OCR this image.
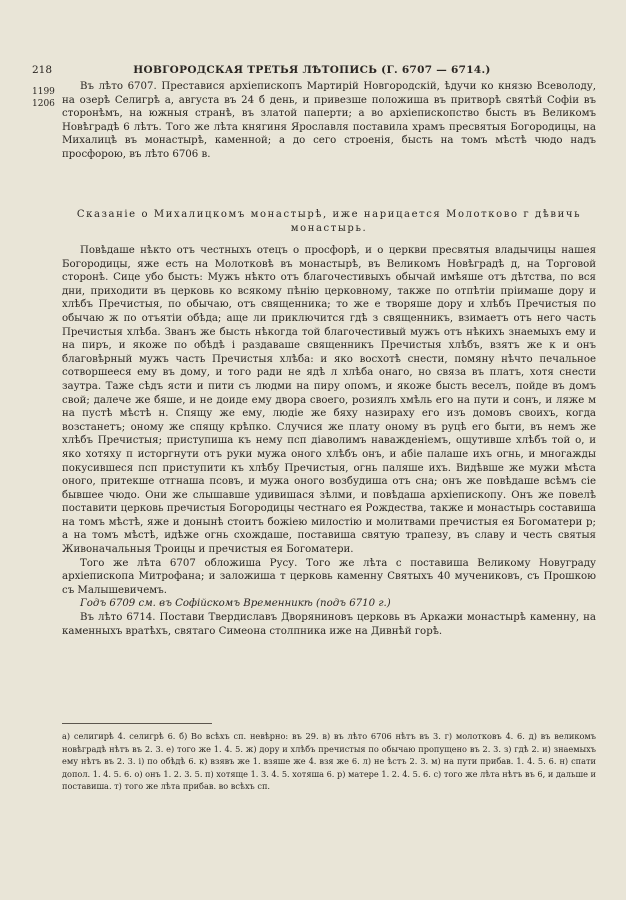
218	НОВГОРОДСКАЯ ТРЕТЬЯ ЛѢТОПИСЬ (Г. 6707 — 6714.)
1199
1206

Въ лѣто 6707. Преставися архіепископъ Мартирій Новгородскій, ѣдучи ко князю Всеволоду, на озерѣ Селигрѣ а, августа въ 24 б день, и привезше положиша въ притворѣ святѣй Софіи въ сторонѣмъ, на южныя странѣ, въ златой паперти; а во архіепископство бысть въ Великомъ Новѣградѣ 6 лѣтъ. Того же лѣта княгиня Ярославля поставила храмъ пресвятыя Богородицы, на Михалицѣ въ монастырѣ, каменной; а до сего строенія, бысть на томъ мѣстѣ чюдо надъ просфорою, въ лѣто 6706 в.

Сказаніе о Михалицкомъ монастырѣ, иже нарицается Молотково г дѣвичь монастырь.

Повѣдаше нѣкто отъ честныхъ отецъ о просфорѣ, и о церкви пресвятыя владычицы нашея Богородицы, яже есть на Молотковѣ въ монастырѣ, въ Великомъ Новѣградѣ д, на Торговой сторонѣ. Сице убо бысть: Мужъ нѣкто отъ благочестивыхъ обычай имѣяше отъ дѣтства, по вся дни, приходити въ церковь ко всякому пѣнію церковному, также по отпѣтіи пріимаше дору и хлѣбъ Пречистыя, по обычаю, отъ священника; то же е творяше дору и хлѣбъ Пречистыя по обычаю ж по отъятіи обѣда; аще ли приключится гдѣ з священникъ, взимаетъ отъ него часть Пречистыя хлѣба. Званъ же бысть нѣкогда той благочестивый мужъ отъ нѣкихъ знаемыхъ ему и на пиръ, и якоже по обѣдѣ і раздаваше священникъ Пречистыя хлѣбъ, взятъ же к и онъ благовѣрный мужъ часть Пречистыя хлѣба: и яко восхотѣ снести, помяну нѣчто печальное сотворшееся ему въ дому, и того ради не ядѣ л хлѣба онаго, но связа въ платъ, хотя снести заутра. Таже сѣдъ ясти и пити съ людми на пиру опомъ, и якоже бысть веселъ, пойде въ домъ свой; далече же бяше, и не доиде ему двора своего, розиялъ хмѣль его на пути и сонъ, и ляже м на пустѣ мѣстѣ н. Спящу же ему, людіе же бяху назираху его изъ домовъ своихъ, когда возстанетъ; оному же спящу крѣпко. Случися же плату оному въ руцѣ его быти, въ немъ же хлѣбъ Пречистыя; приступиша къ нему псп діаволимъ наважденіемъ, ощутивше хлѣбъ той о, и яко хотяху п исторгнути отъ руки мужа оного хлѣбъ онъ, и абіе палаше ихъ огнь, и многажды покусившеся псп приступити къ хлѣбу Пречистыя, огнь паляше ихъ. Видѣвше же мужи мѣста оного, притекше отгнаша псовъ, и мужа оного возбудиша отъ сна; онъ же повѣдаше всѣмъ сіе бывшее чюдо. Они же слышавше удивишася зѣлми, и повѣдаша архіепископу. Онъ же повелѣ поставити церковь пречистыя Богородицы честнаго ея Рождества, также и монастырь составиша на томъ мѣстѣ, яже и донынѣ стоитъ божіею милостію и молитвами пречистыя ея Богоматери р; а на томъ мѣстѣ, идѣже огнь схождаше, поставиша святую трапезу, въ славу и честь святыя Живоначальныя Троицы и пречистыя ея Богоматери.

Того же лѣта 6707 обложиша Русу. Того же лѣта с поставиша Великому Новуграду архіепископа Митрофана; и заложиша т церковь каменну Святыхъ 40 мучениковъ, съ Прошкою съ Малышевичемъ.

Годъ 6709 см. въ Софійскомъ Временникѣ (подъ 6710 г.)

Въ лѣто 6714. Постави Твердиславъ Дворяниновъ церковь въ Аркажи монастырѣ каменну, на каменныхъ вратѣхъ, святаго Симеона столпника иже на Дивнѣй горѣ.

а) селигирѣ 4. селигрѣ 6. б) Во всѣхъ сп. невѣрно: въ 29. в) въ лѣто 6706 нѣтъ въ 3. г) молотковъ 4. 6. д) въ великомъ новѣградѣ нѣтъ въ 2. 3. е) того же 1. 4. 5. ж) дору и хлѣбъ пречистыя по обычаю пропущено въ 2. 3. з) гдѣ 2. и) знаемыхъ ему нѣтъ въ 2. 3. і) по обѣдѣ 6. к) взявъ же 1. взяше же 4. взя же 6. л) не ѣстъ 2. 3. м) на пути прибав. 1. 4. 5. 6. н) спати допол. 1. 4. 5. 6. о) онъ 1. 2. 3. 5. п) хотяще 1. 3. 4. 5. хотяша 6. р) матере 1. 2. 4. 5. 6. с) того же лѣта нѣтъ въ 6, и дальше и поставиша. т) того же лѣта прибав. во всѣхъ сп.
